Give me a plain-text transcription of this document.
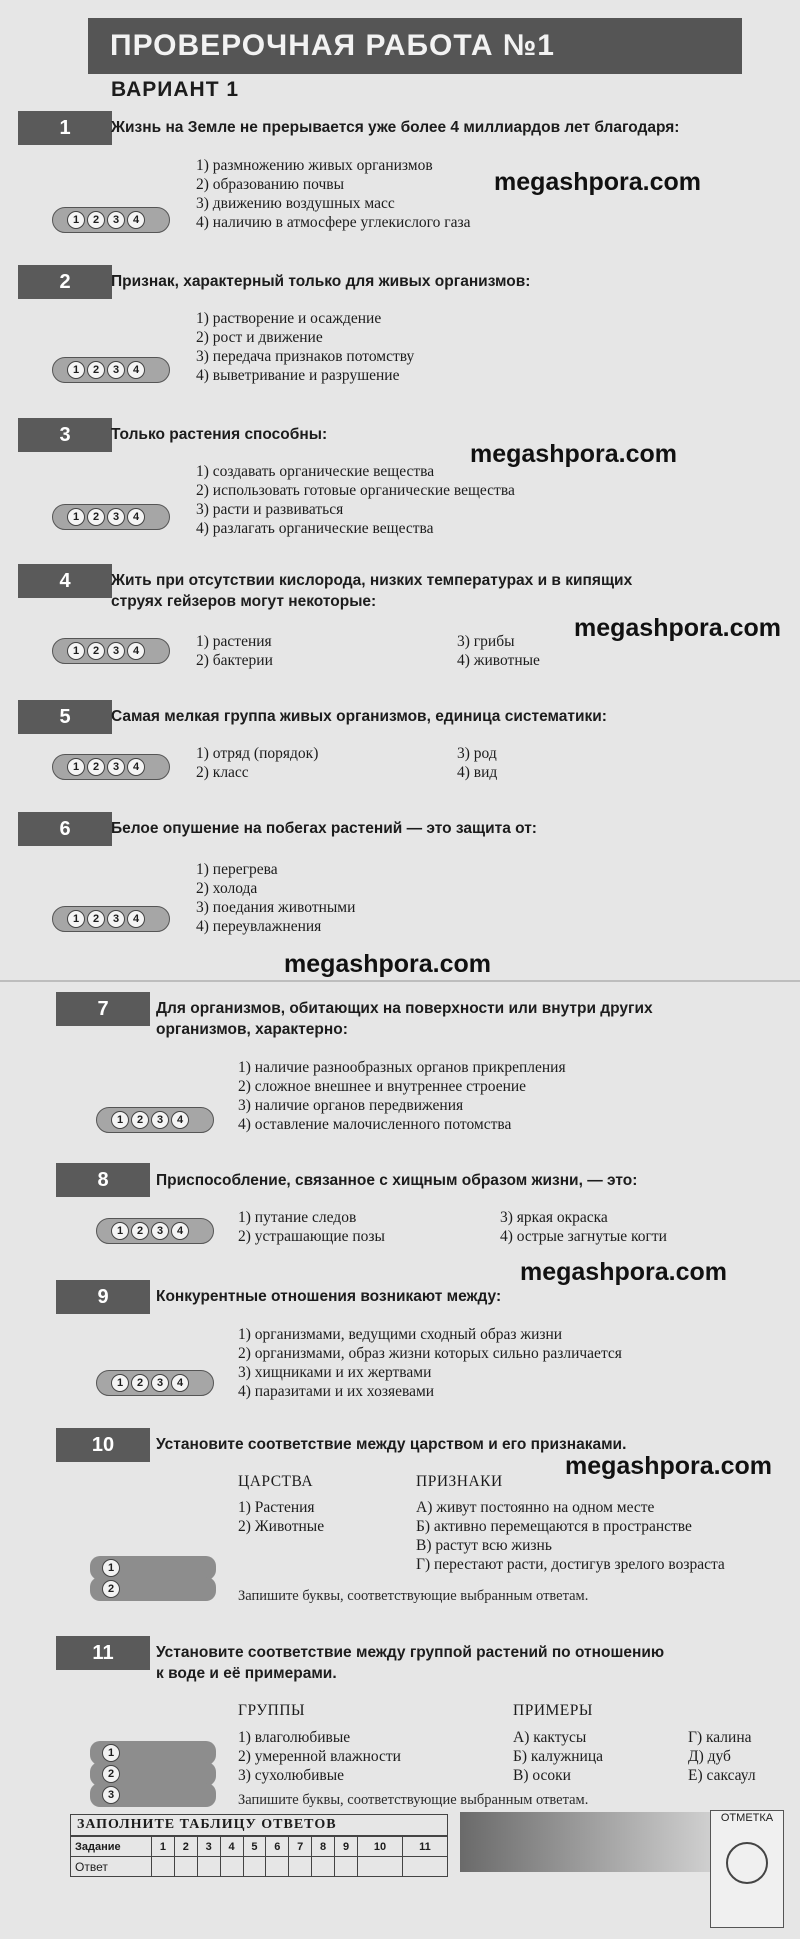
ПРОВЕРОЧНАЯ РАБОТА №1
ВАРИАНТ 1
1	Жизнь на Земле не прерывается уже более 4 миллиардов лет благодаря:
1) размножению живых организмов
2) образованию почвы
3) движению воздушных масс
4) наличию в атмосфере углекислого газа
1	2	3	4
megashpora.com
2	Признак, характерный только для живых организмов:
1) растворение и осаждение
2) рост и движение
3) передача признаков потомству
4) выветривание и разрушение
1	2	3	4
3	Только растения способны:
1) создавать органические вещества
2) использовать готовые органические вещества
3) расти и развиваться
4) разлагать органические вещества
1	2	3	4
megashpora.com
4	Жить при отсутствии кислорода, низких температурах и в кипящих
струях гейзеров могут некоторые:
1) растения
2) бактерии
3) грибы
4) животные
1	2	3	4
megashpora.com
5	Самая мелкая группа живых организмов, единица систематики:
1) отряд (порядок)
2) класс
3) род
4) вид
1	2	3	4
6	Белое опушение на побегах растений — это защита от:
1) перегрева
2) холода
3) поедания животными
4) переувлажнения
1	2	3	4
megashpora.com
7	Для организмов, обитающих на поверхности или внутри других
организмов, характерно:
1) наличие разнообразных органов прикрепления
2) сложное внешнее и внутреннее строение
3) наличие органов передвижения
4) оставление малочисленного потомства
1	2	3	4
8	Приспособление, связанное с хищным образом жизни, — это:
1) путание следов
2) устрашающие позы
3) яркая окраска
4) острые загнутые когти
1	2	3	4
megashpora.com
9	Конкурентные отношения возникают между:
1) организмами, ведущими сходный образ жизни
2) организмами, образ жизни которых сильно различается
3) хищниками и их жертвами
4) паразитами и их хозяевами
1	2	3	4
10	Установите соответствие между царством и его признаками.
megashpora.com
ЦАРСТВА	ПРИЗНАКИ
1) Растения
2) Животные
А) живут постоянно на одном месте
Б) активно перемещаются в пространстве
В) растут всю жизнь
Г) перестают расти, достигув зрелого возраста
1
2	Запишите буквы, соответствующие выбранным ответам.
11	Установите соответствие между группой растений по отношению
к воде и её примерами.
ГРУППЫ	ПРИМЕРЫ
1) влаголюбивые
2) умеренной влажности
3) сухолюбивые
А) кактусы
Б) калужница
В) осоки
Г) калина
Д) дуб
Е) саксаул
1
2
3	Запишите буквы, соответствующие выбранным ответам.
ЗАПОЛНИТЕ ТАБЛИЦУ ОТВЕТОВ
Задание	1	2	3	4	5	6	7	8	9	10	11
Ответ											
ОТМЕТКА
